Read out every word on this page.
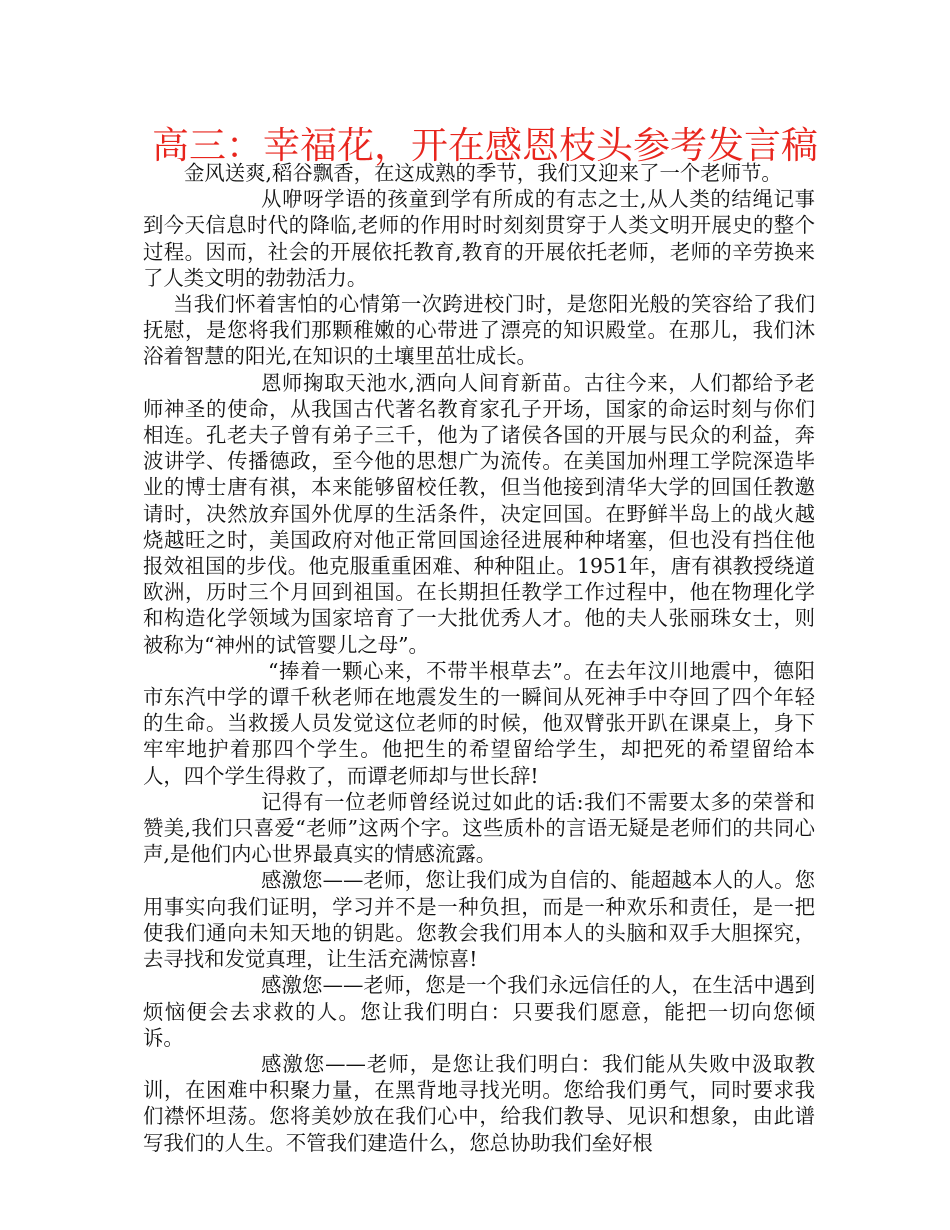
高三：幸福花，开在感恩枝头参考发言稿

金风送爽,稻谷飘香，在这成熟的季节，我们又迎来了一个老师节。

从咿呀学语的孩童到学有所成的有志之士,从人类的结绳记事到今天信息时代的降临,老师的作用时时刻刻贯穿于人类文明开展史的整个过程。因而，社会的开展依托教育,教育的开展依托老师，老师的辛劳换来了人类文明的勃勃活力。

当我们怀着害怕的心情第一次跨进校门时，是您阳光般的笑容给了我们抚慰，是您将我们那颗稚嫩的心带进了漂亮的知识殿堂。在那儿，我们沐浴着智慧的阳光,在知识的土壤里茁壮成长。

恩师掬取天池水,洒向人间育新苗。古往今来，人们都给予老师神圣的使命，从我国古代著名教育家孔子开场，国家的命运时刻与你们相连。孔老夫子曾有弟子三千，他为了诸侯各国的开展与民众的利益，奔波讲学、传播德政，至今他的思想广为流传。在美国加州理工学院深造毕业的博士唐有祺，本来能够留校任教，但当他接到清华大学的回国任教邀请时，决然放弃国外优厚的生活条件，决定回国。在野鲜半岛上的战火越烧越旺之时，美国政府对他正常回国途径进展种种堵塞，但也没有挡住他报效祖国的步伐。他克服重重困难、种种阻止。1951年，唐有祺教授绕道欧洲，历时三个月回到祖国。在长期担任教学工作过程中，他在物理化学和构造化学领域为国家培育了一大批优秀人才。他的夫人张丽珠女士，则被称为“神州的试管婴儿之母”。

“捧着一颗心来，不带半根草去”。在去年汶川地震中，德阳市东汽中学的谭千秋老师在地震发生的一瞬间从死神手中夺回了四个年轻的生命。当救援人员发觉这位老师的时候，他双臂张开趴在课桌上，身下牢牢地护着那四个学生。他把生的希望留给学生，却把死的希望留给本人，四个学生得救了，而谭老师却与世长辞!

记得有一位老师曾经说过如此的话:我们不需要太多的荣誉和赞美,我们只喜爱“老师”这两个字。这些质朴的言语无疑是老师们的共同心声,是他们内心世界最真实的情感流露。

感激您——老师，您让我们成为自信的、能超越本人的人。您用事实向我们证明，学习并不是一种负担，而是一种欢乐和责任，是一把使我们通向未知天地的钥匙。您教会我们用本人的头脑和双手大胆探究，去寻找和发觉真理，让生活充满惊喜!

感激您——老师，您是一个我们永远信任的人，在生活中遇到烦恼便会去求救的人。您让我们明白：只要我们愿意，能把一切向您倾诉。

感激您——老师，是您让我们明白：我们能从失败中汲取教训，在困难中积聚力量，在黑背地寻找光明。您给我们勇气，同时要求我们襟怀坦荡。您将美妙放在我们心中，给我们教导、见识和想象，由此谱写我们的人生。不管我们建造什么，您总协助我们垒好根
